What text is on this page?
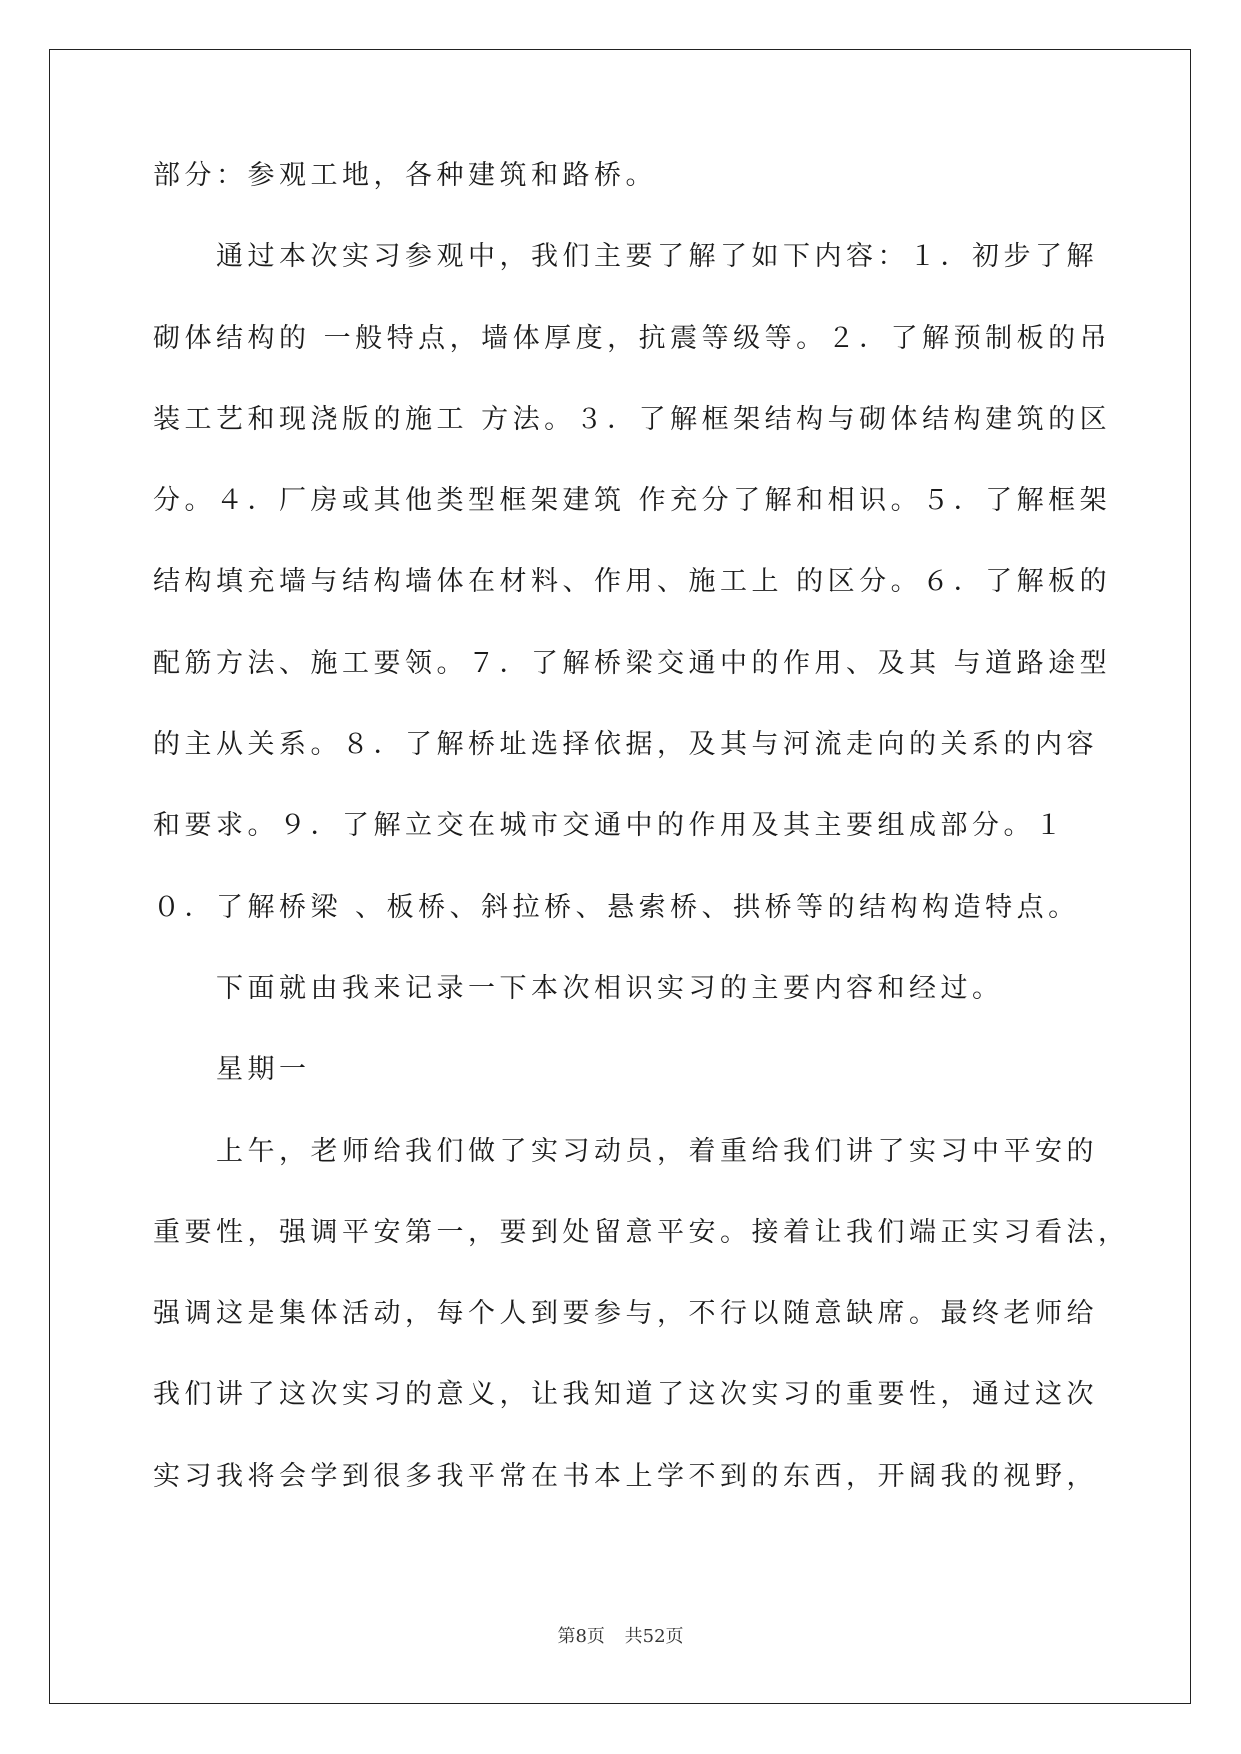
部分：参观工地，各种建筑和路桥。
通过本次实习参观中，我们主要了解了如下内容：１．初步了解
砌体结构的 一般特点，墙体厚度，抗震等级等。２．了解预制板的吊
装工艺和现浇版的施工 方法。３．了解框架结构与砌体结构建筑的区
分。４．厂房或其他类型框架建筑 作充分了解和相识。５．了解框架
结构填充墙与结构墙体在材料、作用、施工上 的区分。６．了解板的
配筋方法、施工要领。７．了解桥梁交通中的作用、及其 与道路途型
的主从关系。８．了解桥址选择依据，及其与河流走向的关系的内容
和要求。９．了解立交在城市交通中的作用及其主要组成部分。１
０．了解桥梁 、板桥、斜拉桥、悬索桥、拱桥等的结构构造特点。
下面就由我来记录一下本次相识实习的主要内容和经过。
星期一
上午，老师给我们做了实习动员，着重给我们讲了实习中平安的
重要性，强调平安第一，要到处留意平安。接着让我们端正实习看法，
强调这是集体活动，每个人到要参与，不行以随意缺席。最终老师给
我们讲了这次实习的意义，让我知道了这次实习的重要性，通过这次
实习我将会学到很多我平常在书本上学不到的东西，开阔我的视野，
第8页 共52页
